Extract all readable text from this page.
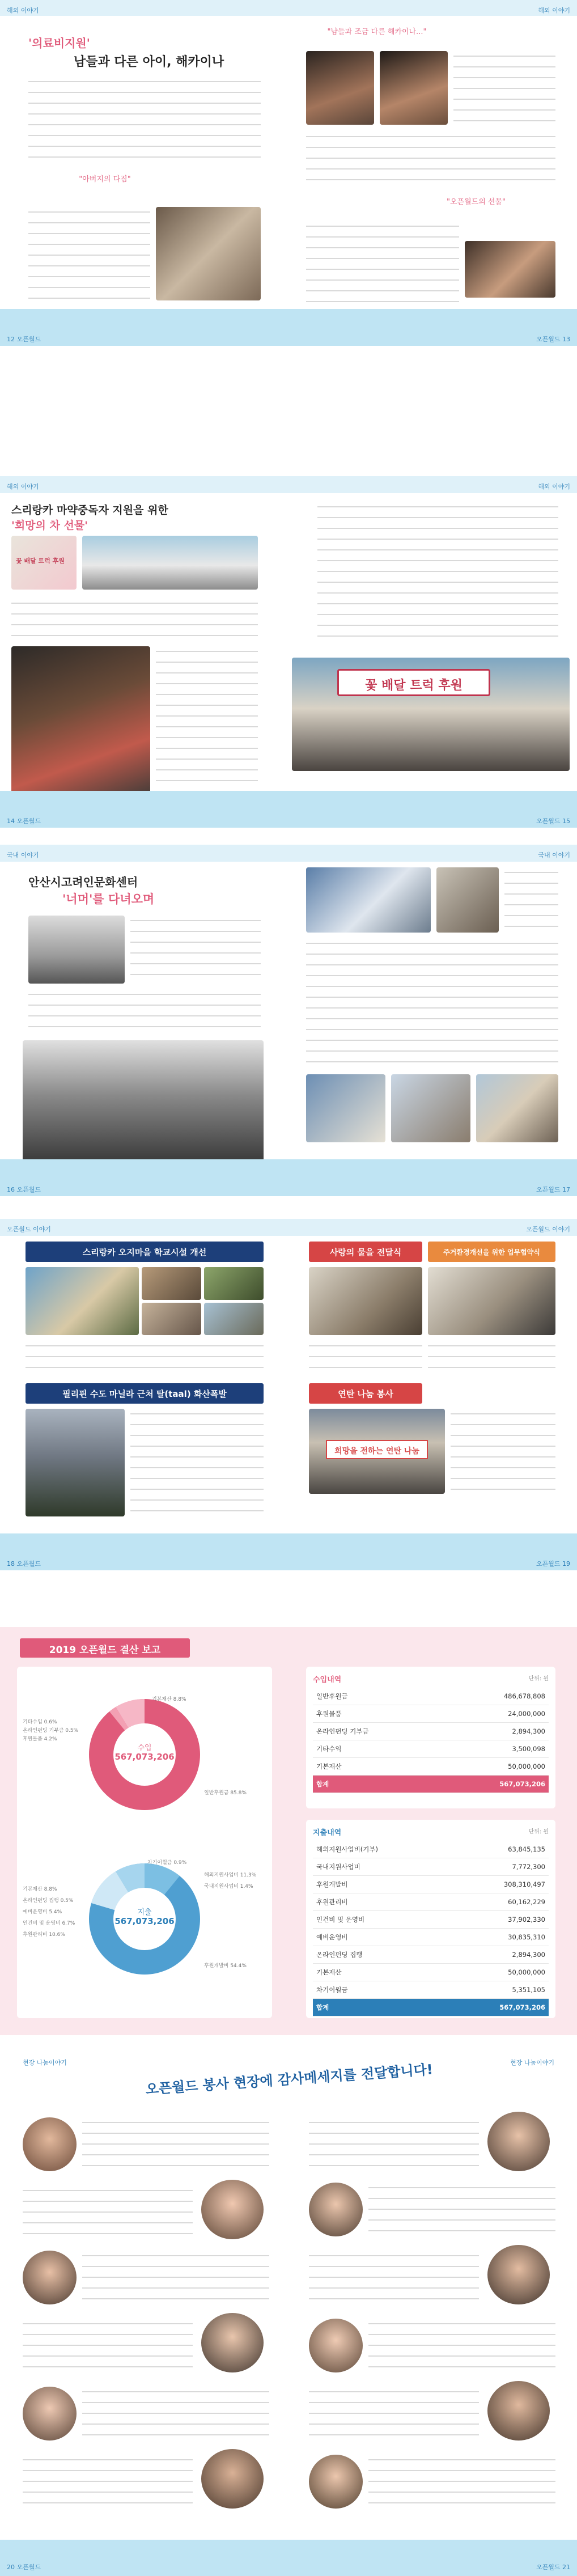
해외 이야기	해외 이야기
'의료비지원'
남들과 다른 아이, 해카이나
"아버지의 다짐"
"남들과 조금 다른 해카이나..."
"오픈월드의 선물"
12 오픈월드	오픈월드 13
해외 이야기	해외 이야기
스리랑카 마약중독자 지원을 위한
'희망의 차 선물'
꽃 배달 트럭 후원
꽃 배달 트럭 후원
14 오픈월드	오픈월드 15
국내 이야기	국내 이야기
안산시고려인문화센터
'너머'를 다녀오며
16 오픈월드	오픈월드 17
오픈월드 이야기	오픈월드 이야기
스리랑카 오지마을 학교시설 개선
필리핀 수도 마닐라 근처 탈(taal) 화산폭발
사랑의 물을 전달식	주거환경개선을 위한 업무협약식
연탄 나눔 봉사
희망을 전하는 연탄 나눔
18 오픈월드	오픈월드 19
2019 오픈월드 결산 보고
수입
567,073,206
지출
567,073,206
기본재산 8.8%
기타수입 0.6%
온라인펀딩 기부금 0.5%
후원물품 4.2%
일반후원금 85.8%
차기이월금 0.9%
기본재산 8.8%
해외지원사업비 11.3%
온라인펀딩 집행 0.5%
예비운영비 5.4%
인건비 및 운영비 6.7%
후원관리비 10.6%
국내지원사업비 1.4%
후원개발비 54.4%
수입내역	단위: 원
일반후원금	486,678,808
후원물품	24,000,000
온라인펀딩 기부금	2,894,300
기타수익	3,500,098
기본재산	50,000,000
합계	567,073,206
지출내역	단위: 원
해외지원사업비(기부)	63,845,135
국내지원사업비	7,772,300
후원개발비	308,310,497
후원관리비	60,162,229
인건비 및 운영비	37,902,330
예비운영비	30,835,310
온라인펀딩 집행	2,894,300
기본재산	50,000,000
차기이월금	5,351,105
합계	567,073,206
현장 나눔이야기	현장 나눔이야기
오픈월드 봉사 현장에 감사메세지를 전달합니다!
20 오픈월드	오픈월드 21
